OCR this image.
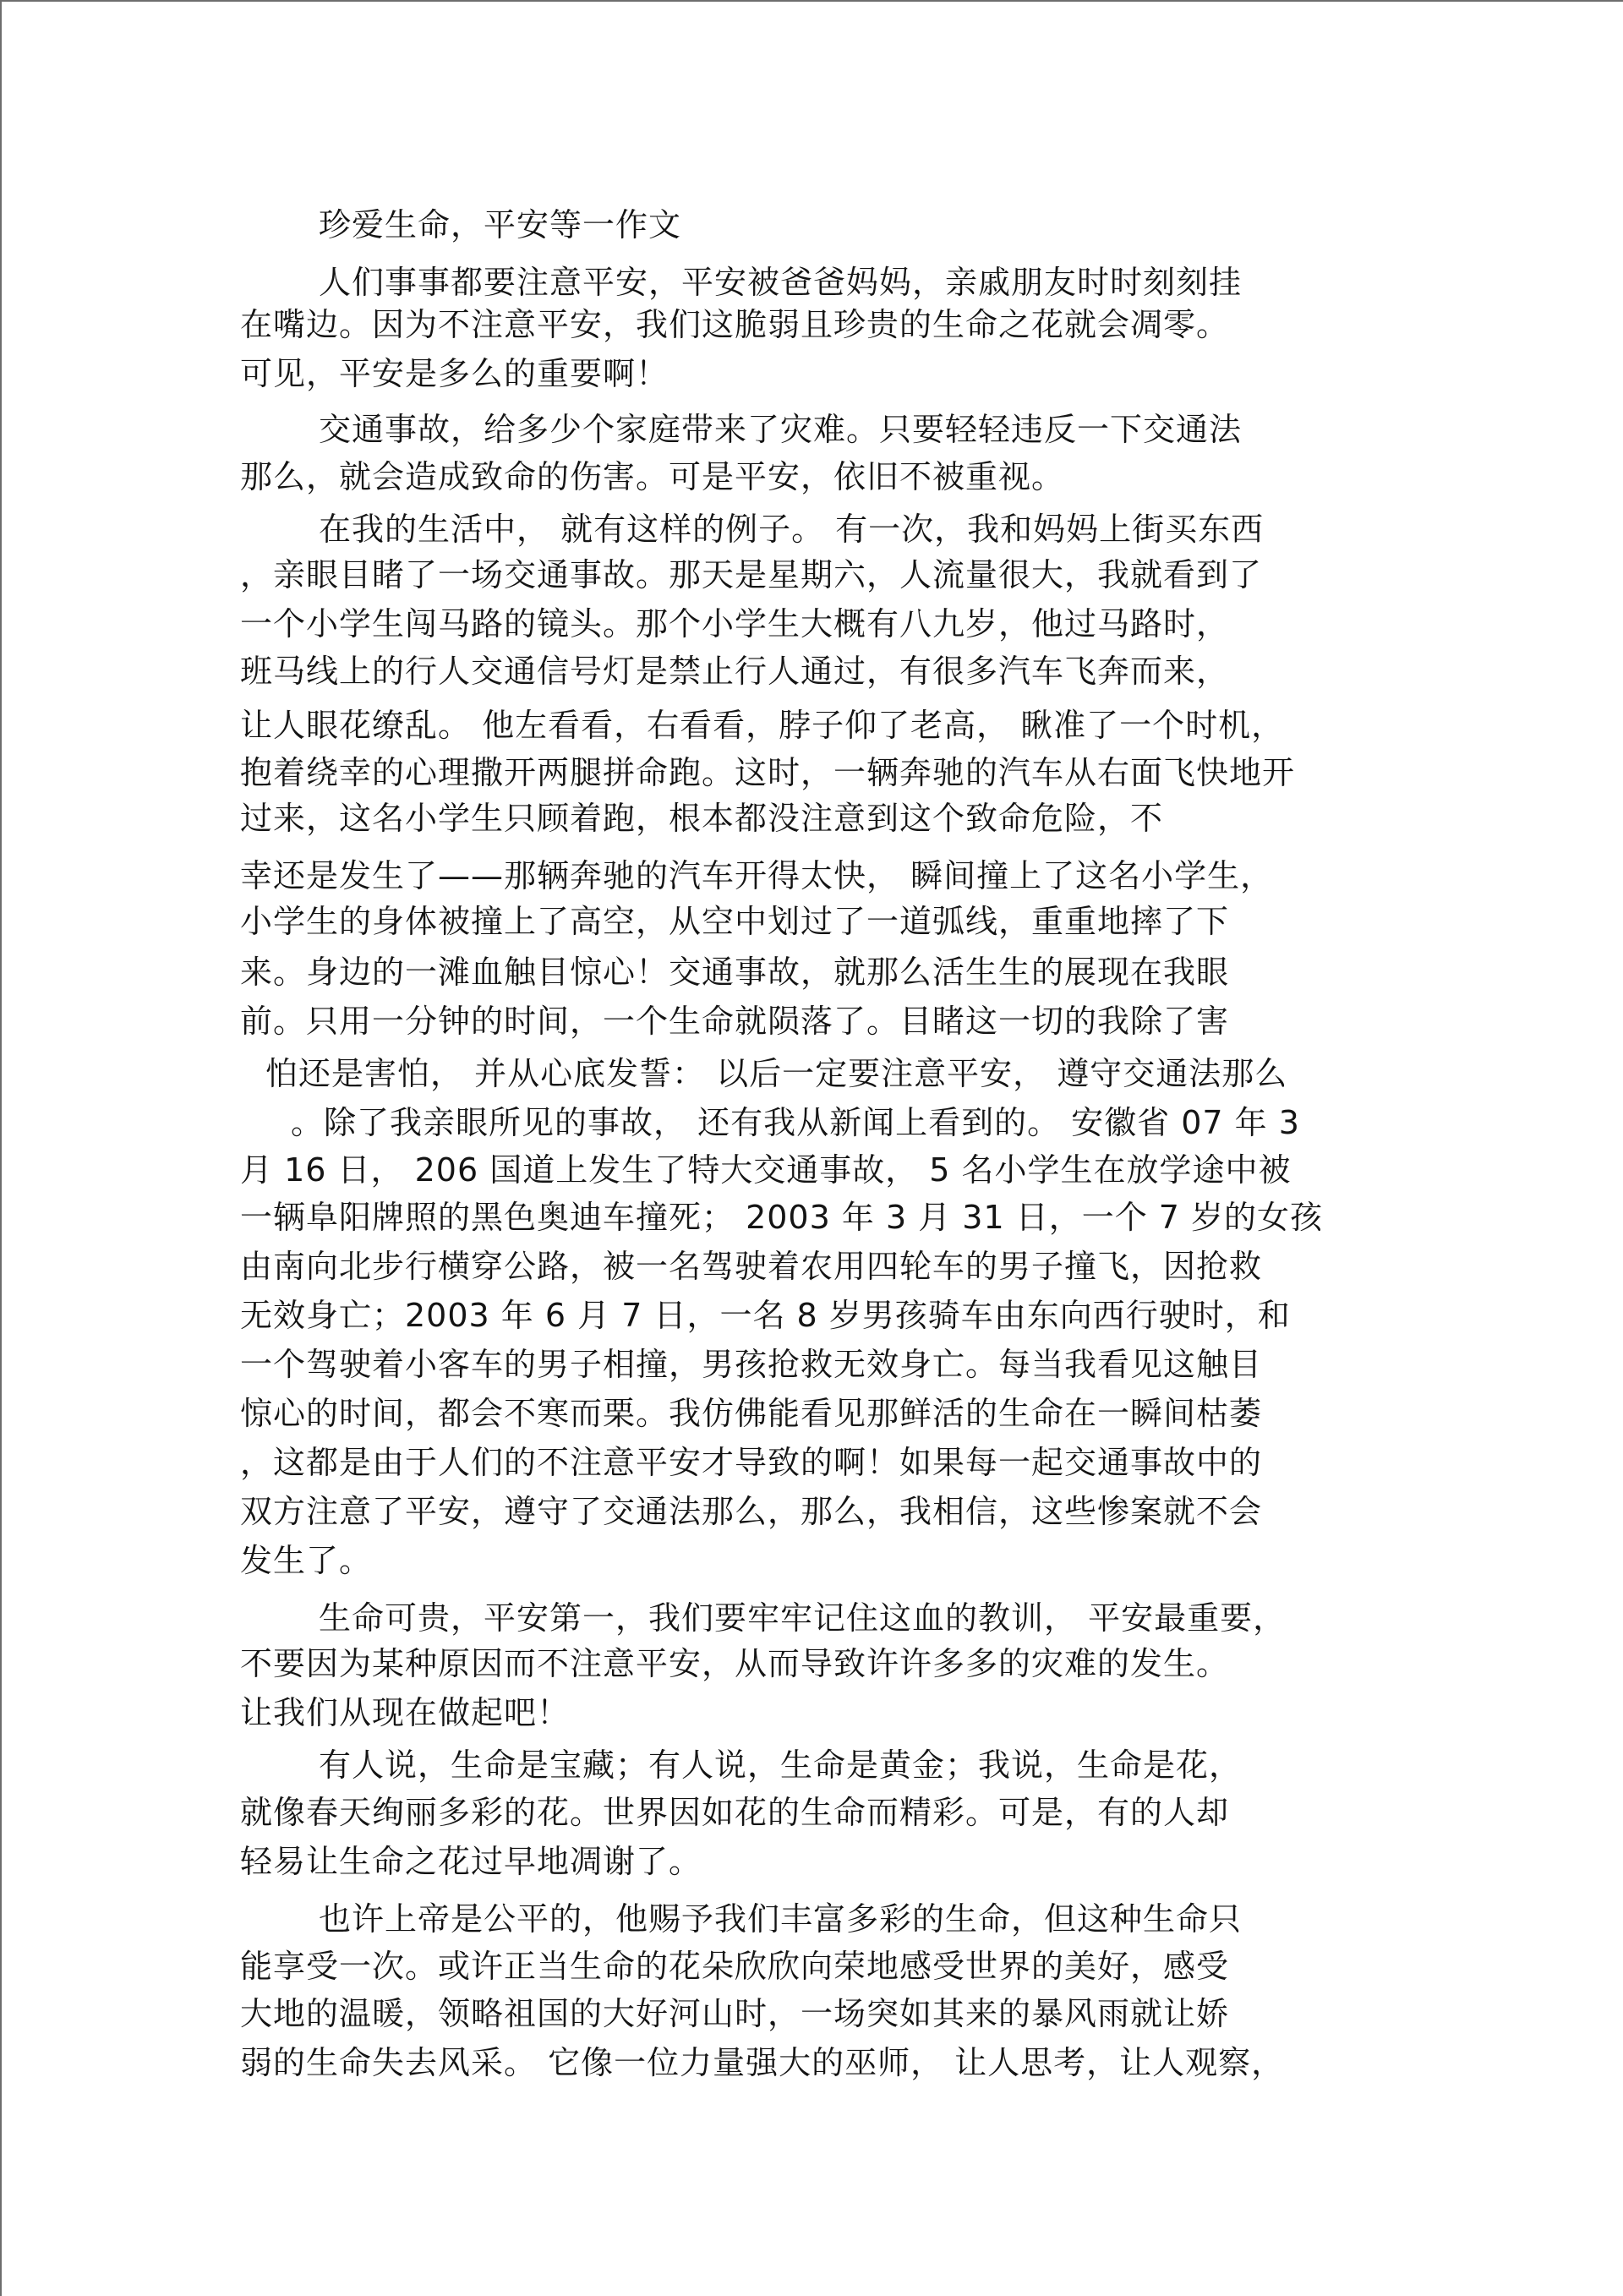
珍爱生命，平安等一作文
人们事事都要注意平安，平安被爸爸妈妈，亲戚朋友时时刻刻挂
在嘴边。因为不注意平安，我们这脆弱且珍贵的生命之花就会凋零。
可见，平安是多么的重要啊！
交通事故，给多少个家庭带来了灾难。只要轻轻违反一下交通法
那么，就会造成致命的伤害。可是平安，依旧不被重视。
在我的生活中， 就有这样的例子。 有一次，我和妈妈上街买东西
，亲眼目睹了一场交通事故。那天是星期六，人流量很大，我就看到了
一个小学生闯马路的镜头。那个小学生大概有八九岁，他过马路时，
班马线上的行人交通信号灯是禁止行人通过，有很多汽车飞奔而来，
让人眼花缭乱。 他左看看，右看看，脖子仰了老高， 瞅准了一个时机，
抱着绕幸的心理撒开两腿拼命跑。这时，一辆奔驰的汽车从右面飞快地开
过来，这名小学生只顾着跑，根本都没注意到这个致命危险，不
幸还是发生了——那辆奔驰的汽车开得太快， 瞬间撞上了这名小学生，
小学生的身体被撞上了高空，从空中划过了一道弧线，重重地摔了下
来。身边的一滩血触目惊心！交通事故，就那么活生生的展现在我眼
前。只用一分钟的时间，一个生命就陨落了。目睹这一切的我除了害
怕还是害怕， 并从心底发誓： 以后一定要注意平安， 遵守交通法那么
。除了我亲眼所见的事故， 还有我从新闻上看到的。 安徽省 07 年 3
月 16 日， 206 国道上发生了特大交通事故， 5 名小学生在放学途中被
一辆阜阳牌照的黑色奥迪车撞死； 2003 年 3 月 31 日，一个 7 岁的女孩
由南向北步行横穿公路，被一名驾驶着农用四轮车的男子撞飞，因抢救
无效身亡；2003 年 6 月 7 日，一名 8 岁男孩骑车由东向西行驶时，和
一个驾驶着小客车的男子相撞，男孩抢救无效身亡。每当我看见这触目
惊心的时间，都会不寒而栗。我仿佛能看见那鲜活的生命在一瞬间枯萎
，这都是由于人们的不注意平安才导致的啊！如果每一起交通事故中的
双方注意了平安，遵守了交通法那么，那么，我相信，这些惨案就不会
发生了。
生命可贵，平安第一，我们要牢牢记住这血的教训， 平安最重要，
不要因为某种原因而不注意平安，从而导致许许多多的灾难的发生。
让我们从现在做起吧！
有人说，生命是宝藏；有人说，生命是黄金；我说，生命是花，
就像春天绚丽多彩的花。世界因如花的生命而精彩。可是，有的人却
轻易让生命之花过早地凋谢了。
也许上帝是公平的，他赐予我们丰富多彩的生命，但这种生命只
能享受一次。或许正当生命的花朵欣欣向荣地感受世界的美好，感受
大地的温暖，领略祖国的大好河山时，一场突如其来的暴风雨就让娇
弱的生命失去风采。 它像一位力量强大的巫师， 让人思考，让人观察，
